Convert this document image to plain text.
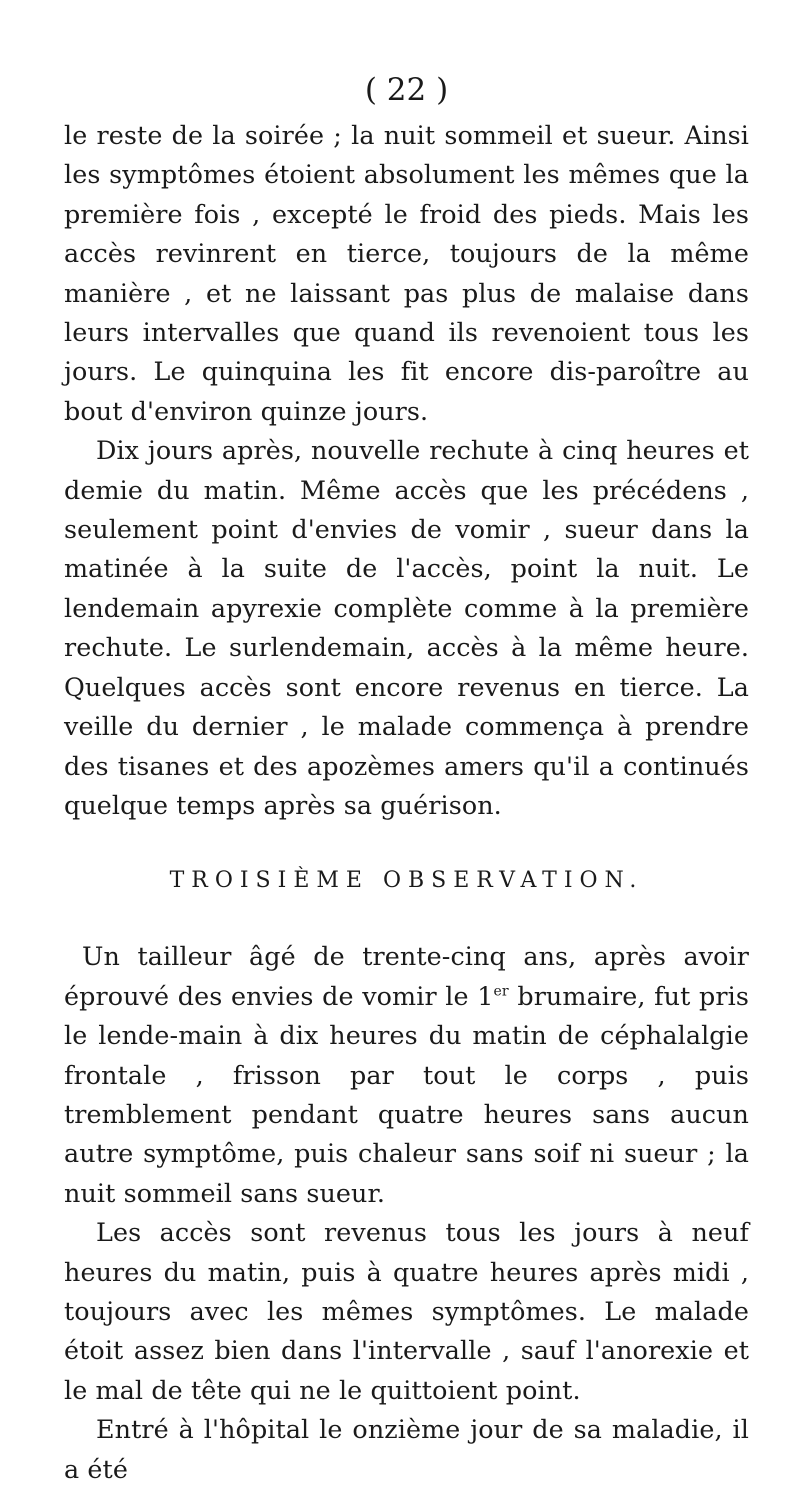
( 22 )

le reste de la soirée ; la nuit sommeil et sueur. Ainsi les symptômes étoient absolument les mêmes que la première fois , excepté le froid des pieds. Mais les accès revinrent en tierce, toujours de la même manière , et ne laissant pas plus de malaise dans leurs intervalles que quand ils revenoient tous les jours. Le quinquina les fit encore dis-paroître au bout d'environ quinze jours.

Dix jours après, nouvelle rechute à cinq heures et demie du matin. Même accès que les précédens , seulement point d'envies de vomir , sueur dans la matinée à la suite de l'accès, point la nuit. Le lendemain apyrexie complète comme à la première rechute. Le surlendemain, accès à la même heure. Quelques accès sont encore revenus en tierce. La veille du dernier , le malade commença à prendre des tisanes et des apozèmes amers qu'il a continués quelque temps après sa guérison.

TROISIÈME OBSERVATION.

Un tailleur âgé de trente-cinq ans, après avoir éprouvé des envies de vomir le 1er brumaire, fut pris le lende-main à dix heures du matin de céphalalgie frontale , frisson par tout le corps , puis tremblement pendant quatre heures sans aucun autre symptôme, puis chaleur sans soif ni sueur ; la nuit sommeil sans sueur.

Les accès sont revenus tous les jours à neuf heures du matin, puis à quatre heures après midi , toujours avec les mêmes symptômes. Le malade étoit assez bien dans l'intervalle , sauf l'anorexie et le mal de tête qui ne le quittoient point.

Entré à l'hôpital le onzième jour de sa maladie, il a été
